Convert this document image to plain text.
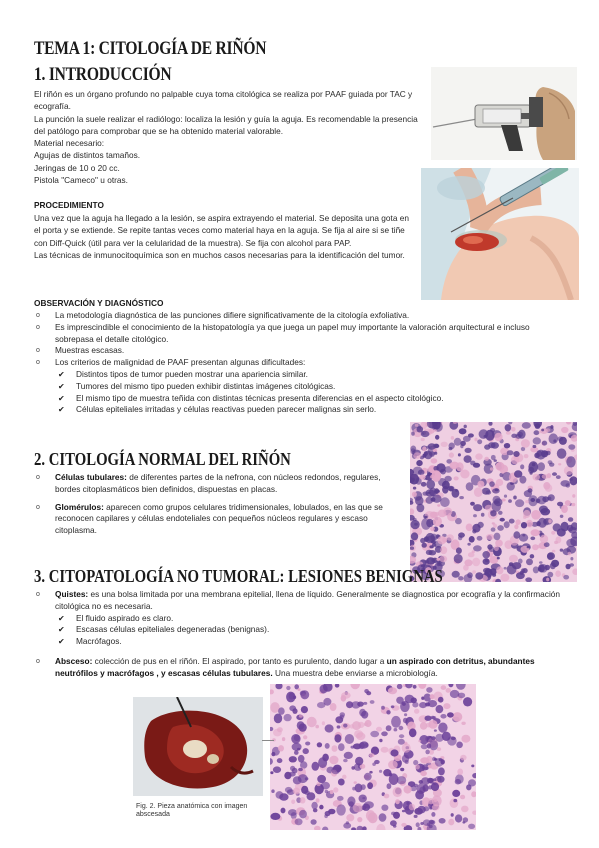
TEMA 1: CITOLOGÍA DE RIÑÓN
1. INTRODUCCIÓN
El riñón es un órgano profundo no palpable cuya toma citológica se realiza por PAAF guiada por TAC y ecografía.
La punción la suele realizar el radiólogo: localiza la lesión y guía la aguja. Es recomendable la presencia del patólogo para comprobar que se ha obtenido material valorable.
Material necesario:
Agujas de distintos tamaños.
Jeringas de 10 o 20 cc.
Pistola "Cameco" u otras.
PROCEDIMIENTO
Una vez que la aguja ha llegado a la lesión, se aspira extrayendo el material. Se deposita una gota en el porta y se extiende. Se repite tantas veces como material haya en la aguja. Se fija al aire si se tiñe con Diff-Quick (útil para ver la celularidad de la muestra). Se fija con alcohol para PAP.
Las técnicas de inmunocitoquímica son en muchos casos necesarias para la identificación del tumor.
OBSERVACIÓN Y DIAGNÓSTICO
o La metodología diagnóstica de las punciones difiere significativamente de la citología exfoliativa.
o Es imprescindible el conocimiento de la histopatología ya que juega un papel muy importante la valoración arquitectural e incluso sobrepasa el detalle citológico.
o Muestras escasas.
o Los criterios de malignidad de PAAF presentan algunas dificultades:
✔ Distintos tipos de tumor pueden mostrar una apariencia similar.
✔ Tumores del mismo tipo pueden exhibir distintas imágenes citológicas.
✔ El mismo tipo de muestra teñida con distintas técnicas presenta diferencias en el aspecto citológico.
✔ Células epiteliales irritadas y células reactivas pueden parecer malignas sin serlo.
2. CITOLOGÍA NORMAL DEL RIÑÓN
o Células tubulares: de diferentes partes de la nefrona, con núcleos redondos, regulares, bordes citoplasmáticos bien definidos, dispuestas en placas.
o Glomérulos: aparecen como grupos celulares tridimensionales, lobulados, en las que se reconocen capilares y células endoteliales con pequeños núcleos regulares y escaso citoplasma.
3. CITOPATOLOGÍA NO TUMORAL: LESIONES BENIGNAS
o Quistes: es una bolsa limitada por una membrana epitelial, llena de líquido. Generalmente se diagnostica por ecografía y la confirmación citológica no es necesaria.
✔ El fluido aspirado es claro.
✔ Escasas células epiteliales degeneradas (benignas).
✔ Macrófagos.
o Absceso: colección de pus en el riñón. El aspirado, por tanto es purulento, dando lugar a un aspirado con detritus, abundantes neutrófilos y macrófagos , y escasas células tubulares. Una muestra debe enviarse a microbiología.
Fig. 2. Pieza anatómica con imagen abscesada
